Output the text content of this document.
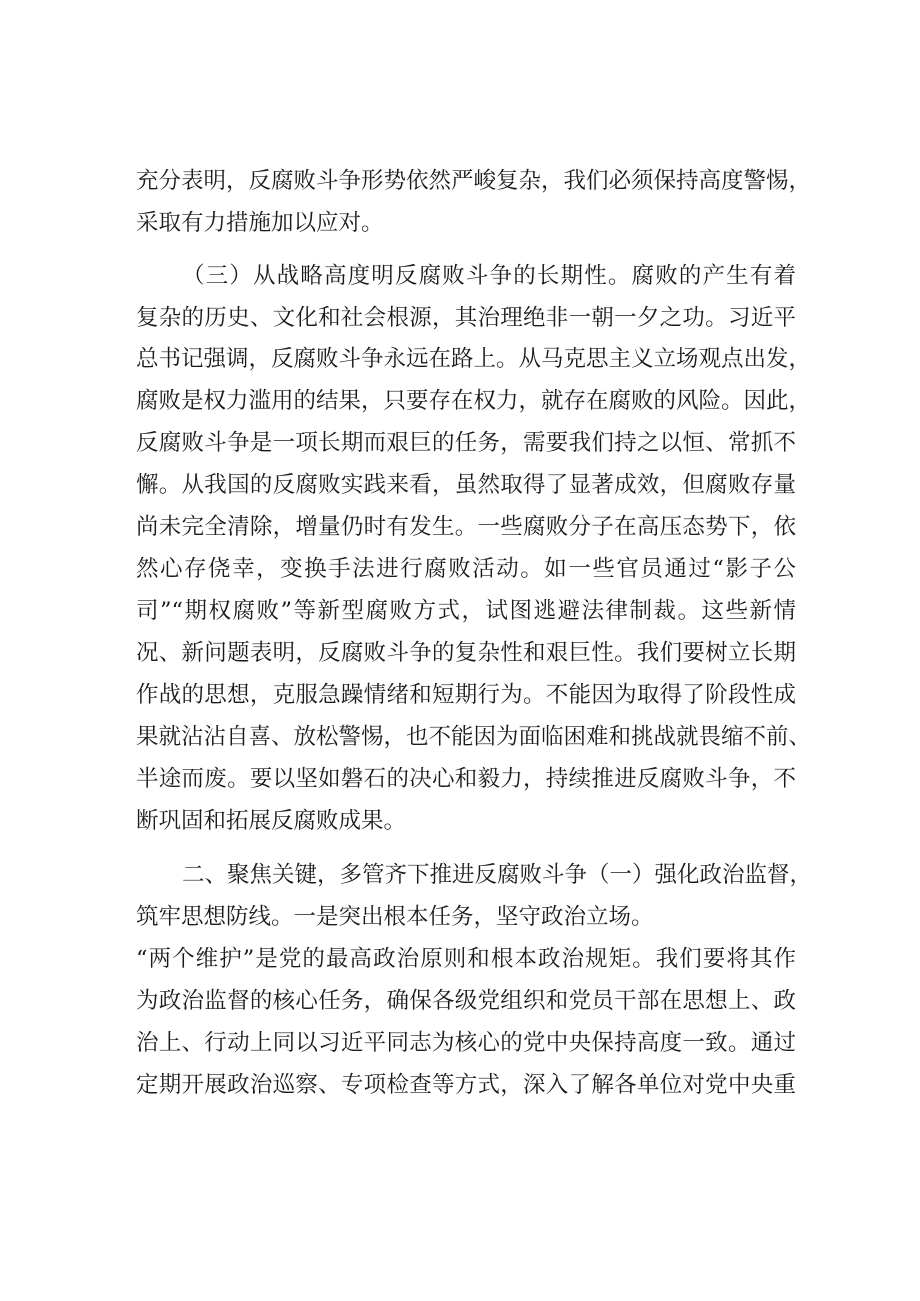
充分表明，反腐败斗争形势依然严峻复杂，我们必须保持高度警惕，
采取有力措施加以应对。
（三）从战略高度明反腐败斗争的长期性。腐败的产生有着
复杂的历史、文化和社会根源，其治理绝非一朝一夕之功。习近平
总书记强调，反腐败斗争永远在路上。从马克思主义立场观点出发，
腐败是权力滥用的结果，只要存在权力，就存在腐败的风险。因此，
反腐败斗争是一项长期而艰巨的任务，需要我们持之以恒、常抓不
懈。从我国的反腐败实践来看，虽然取得了显著成效，但腐败存量
尚未完全清除，增量仍时有发生。一些腐败分子在高压态势下，依
然心存侥幸，变换手法进行腐败活动。如一些官员通过“影子公
司”“期权腐败”等新型腐败方式，试图逃避法律制裁。这些新情
况、新问题表明，反腐败斗争的复杂性和艰巨性。我们要树立长期
作战的思想，克服急躁情绪和短期行为。不能因为取得了阶段性成
果就沾沾自喜、放松警惕，也不能因为面临困难和挑战就畏缩不前、
半途而废。要以坚如磐石的决心和毅力，持续推进反腐败斗争，不
断巩固和拓展反腐败成果。
二、聚焦关键，多管齐下推进反腐败斗争（一）强化政治监督，
筑牢思想防线。一是突出根本任务，坚守政治立场。
“两个维护”是党的最高政治原则和根本政治规矩。我们要将其作
为政治监督的核心任务，确保各级党组织和党员干部在思想上、政
治上、行动上同以习近平同志为核心的党中央保持高度一致。通过
定期开展政治巡察、专项检查等方式，深入了解各单位对党中央重
